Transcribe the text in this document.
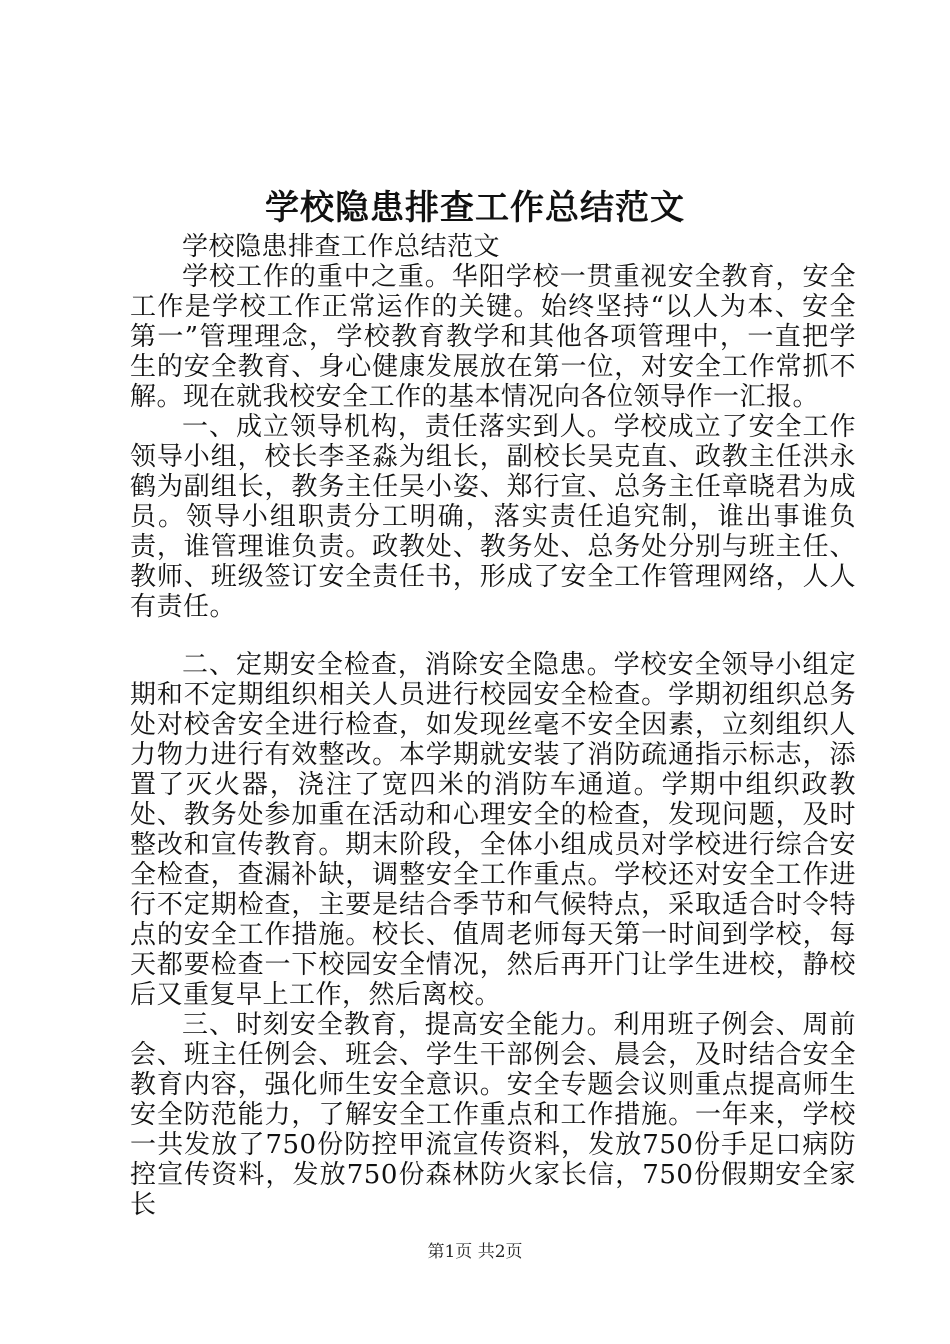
学校隐患排查工作总结范文

学校隐患排查工作总结范文

学校工作的重中之重。华阳学校一贯重视安全教育，安全工作是学校工作正常运作的关键。始终坚持“以人为本、安全第一”管理理念，学校教育教学和其他各项管理中，一直把学生的安全教育、身心健康发展放在第一位，对安全工作常抓不解。现在就我校安全工作的基本情况向各位领导作一汇报。

一、成立领导机构，责任落实到人。学校成立了安全工作领导小组，校长李圣淼为组长，副校长吴克直、政教主任洪永鹤为副组长，教务主任吴小姿、郑行宣、总务主任章晓君为成员。领导小组职责分工明确，落实责任追究制，谁出事谁负责，谁管理谁负责。政教处、教务处、总务处分别与班主任、教师、班级签订安全责任书，形成了安全工作管理网络，人人有责任。

二、定期安全检查，消除安全隐患。学校安全领导小组定期和不定期组织相关人员进行校园安全检查。学期初组织总务处对校舍安全进行检查，如发现丝毫不安全因素，立刻组织人力物力进行有效整改。本学期就安装了消防疏通指示标志，添置了灭火器，浇注了宽四米的消防车通道。学期中组织政教处、教务处参加重在活动和心理安全的检查，发现问题，及时整改和宣传教育。期末阶段，全体小组成员对学校进行综合安全检查，查漏补缺，调整安全工作重点。学校还对安全工作进行不定期检查，主要是结合季节和气候特点，采取适合时令特点的安全工作措施。校长、值周老师每天第一时间到学校，每天都要检查一下校园安全情况，然后再开门让学生进校，静校后又重复早上工作，然后离校。

三、时刻安全教育，提高安全能力。利用班子例会、周前会、班主任例会、班会、学生干部例会、晨会，及时结合安全教育内容，强化师生安全意识。安全专题会议则重点提高师生安全防范能力，了解安全工作重点和工作措施。一年来，学校一共发放了750份防控甲流宣传资料，发放750份手足口病防控宣传资料，发放750份森林防火家长信，750份假期安全家长

第1页 共2页
